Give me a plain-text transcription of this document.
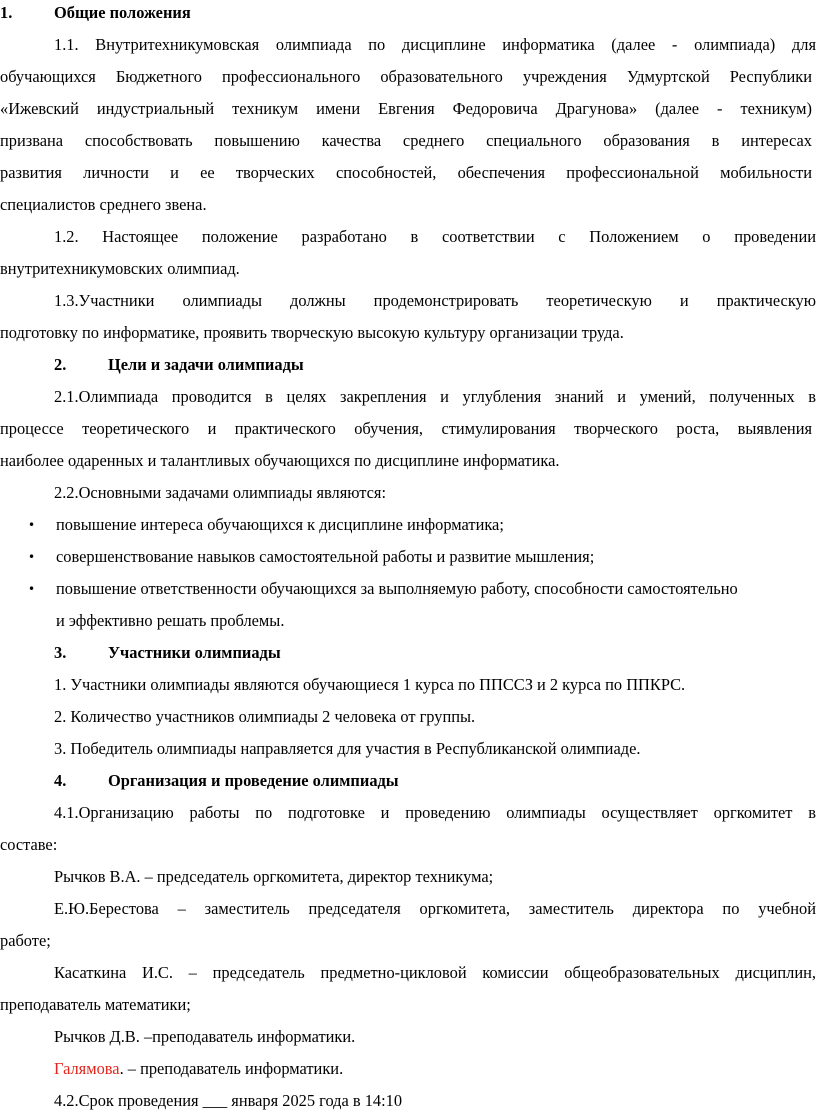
1.	Общие положения
1.1. Внутритехникумовская олимпиада по дисциплине информатика (далее - олимпиада) для
обучающихся Бюджетного профессионального образовательного учреждения Удмуртской Республики
«Ижевский индустриальный техникум имени Евгения Федоровича Драгунова» (далее - техникум)
призвана способствовать повышению качества среднего специального образования в интересах
развития личности и ее творческих способностей, обеспечения профессиональной мобильности
специалистов среднего звена.
1.2. Настоящее положение разработано в соответствии с Положением о проведении
внутритехникумовских олимпиад.
1.3.Участники олимпиады должны продемонстрировать теоретическую и практическую
подготовку по информатике, проявить творческую высокую культуру организации труда.
2.	Цели и задачи олимпиады
2.1.Олимпиада проводится в целях закрепления и углубления знаний и умений, полученных в
процессе теоретического и практического обучения, стимулирования творческого роста, выявления
наиболее одаренных и талантливых обучающихся по дисциплине информатика.
2.2.Основными задачами олимпиады являются:
•	повышение интереса обучающихся к дисциплине информатика;
•	совершенствование навыков самостоятельной работы и развитие мышления;
•	повышение ответственности обучающихся за выполняемую работу, способности самостоятельно
и эффективно решать проблемы.
3.	Участники олимпиады
1. Участники олимпиады являются обучающиеся 1 курса по ППССЗ и 2 курса по ППКРС.
2. Количество участников олимпиады 2 человека от группы.
3. Победитель олимпиады направляется для участия в Республиканской олимпиаде.
4.	Организация и проведение олимпиады
4.1.Организацию работы по подготовке и проведению олимпиады осуществляет оргкомитет в
составе:
Рычков В.А. – председатель оргкомитета, директор техникума;
Е.Ю.Берестова – заместитель председателя оргкомитета, заместитель директора по учебной
работе;
Касаткина И.С. – председатель предметно-цикловой комиссии общеобразовательных дисциплин,
преподаватель математики;
Рычков Д.В. –преподаватель информатики.
Галямова. – преподаватель информатики.
4.2.Срок проведения ___ января 2025 года в 14:10
